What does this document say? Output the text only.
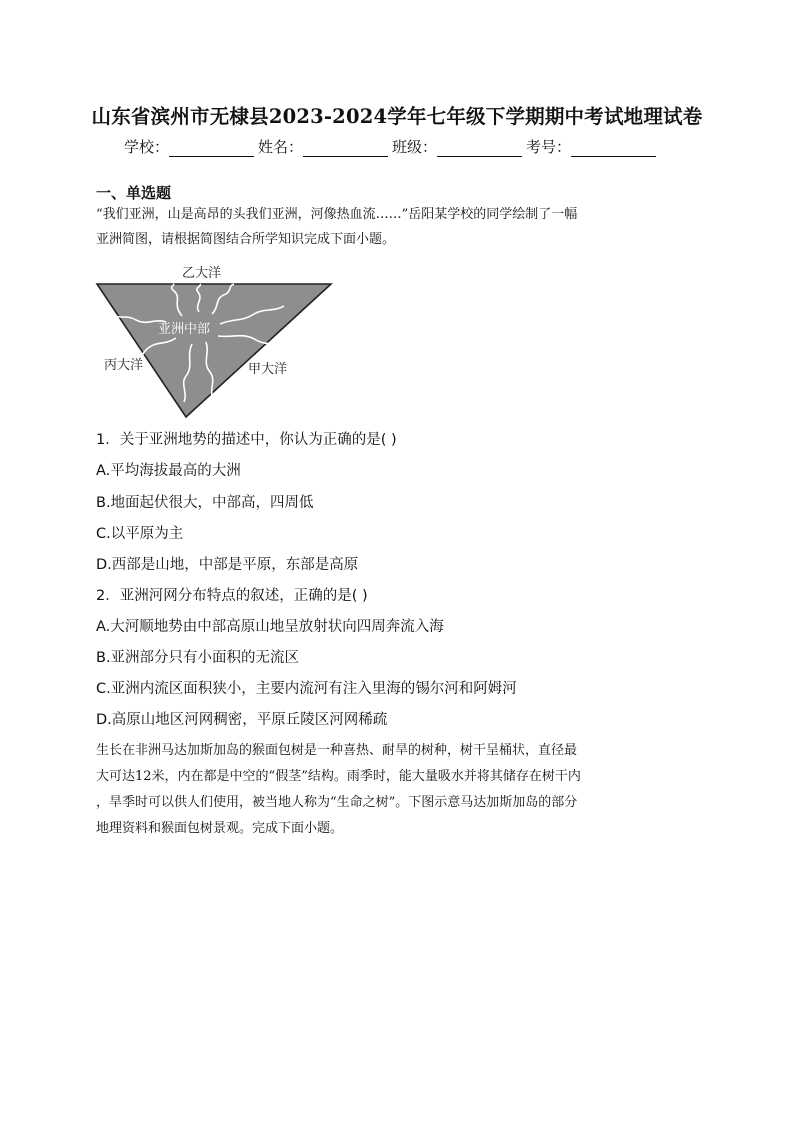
山东省滨州市无棣县2023-2024学年七年级下学期期中考试地理试卷
学校：	姓名：	班级：	考号：
一、单选题
“我们亚洲，山是高昂的头我们亚洲，河像热血流……”岳阳某学校的同学绘制了一幅
亚洲简图，请根据简图结合所学知识完成下面小题。
乙大洋
亚洲中部
丙大洋	甲大洋
1．关于亚洲地势的描述中，你认为正确的是( )
A.平均海拔最高的大洲
B.地面起伏很大，中部高，四周低
C.以平原为主
D.西部是山地，中部是平原，东部是高原
2．亚洲河网分布特点的叙述，正确的是( )
A.大河顺地势由中部高原山地呈放射状向四周奔流入海
B.亚洲部分只有小面积的无流区
C.亚洲内流区面积狭小，主要内流河有注入里海的锡尔河和阿姆河
D.高原山地区河网稠密，平原丘陵区河网稀疏
生长在非洲马达加斯加岛的猴面包树是一种喜热、耐旱的树种，树干呈桶状，直径最
大可达12米，内在都是中空的“假茎”结构。雨季时，能大量吸水并将其储存在树干内
，旱季时可以供人们使用，被当地人称为“生命之树”。下图示意马达加斯加岛的部分
地理资料和猴面包树景观。完成下面小题。
